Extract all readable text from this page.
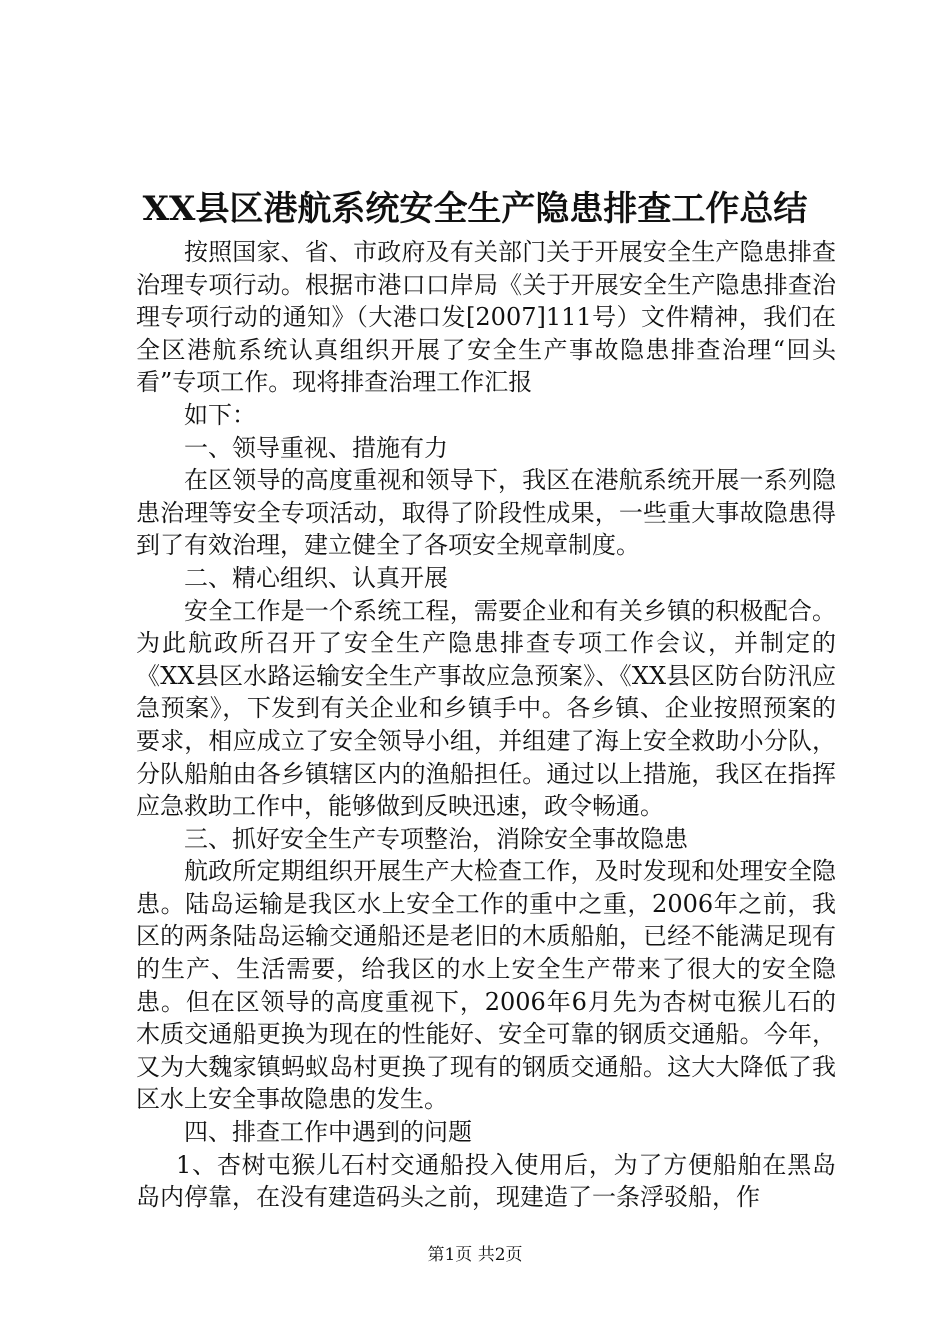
XX县区港航系统安全生产隐患排查工作总结

按照国家、省、市政府及有关部门关于开展安全生产隐患排查治理专项行动。根据市港口口岸局《关于开展安全生产隐患排查治理专项行动的通知》（大港口发[2007]111号）文件精神，我们在全区港航系统认真组织开展了安全生产事故隐患排查治理“回头看”专项工作。现将排查治理工作汇报

如下：

一、领导重视、措施有力

在区领导的高度重视和领导下，我区在港航系统开展一系列隐患治理等安全专项活动，取得了阶段性成果，一些重大事故隐患得到了有效治理，建立健全了各项安全规章制度。

二、精心组织、认真开展

安全工作是一个系统工程，需要企业和有关乡镇的积极配合。为此航政所召开了安全生产隐患排查专项工作会议，并制定的《XX县区水路运输安全生产事故应急预案》、《XX县区防台防汛应急预案》，下发到有关企业和乡镇手中。各乡镇、企业按照预案的要求，相应成立了安全领导小组，并组建了海上安全救助小分队，分队船舶由各乡镇辖区内的渔船担任。通过以上措施，我区在指挥应急救助工作中，能够做到反映迅速，政令畅通。

三、抓好安全生产专项整治，消除安全事故隐患

航政所定期组织开展生产大检查工作，及时发现和处理安全隐患。陆岛运输是我区水上安全工作的重中之重，2006年之前，我区的两条陆岛运输交通船还是老旧的木质船舶，已经不能满足现有的生产、生活需要，给我区的水上安全生产带来了很大的安全隐患。但在区领导的高度重视下，2006年6月先为杏树屯猴儿石的木质交通船更换为现在的性能好、安全可靠的钢质交通船。今年，又为大魏家镇蚂蚁岛村更换了现有的钢质交通船。这大大降低了我区水上安全事故隐患的发生。

四、排查工作中遇到的问题

1、杏树屯猴儿石村交通船投入使用后，为了方便船舶在黑岛岛内停靠，在没有建造码头之前，现建造了一条浮驳船，作

第1页 共2页
